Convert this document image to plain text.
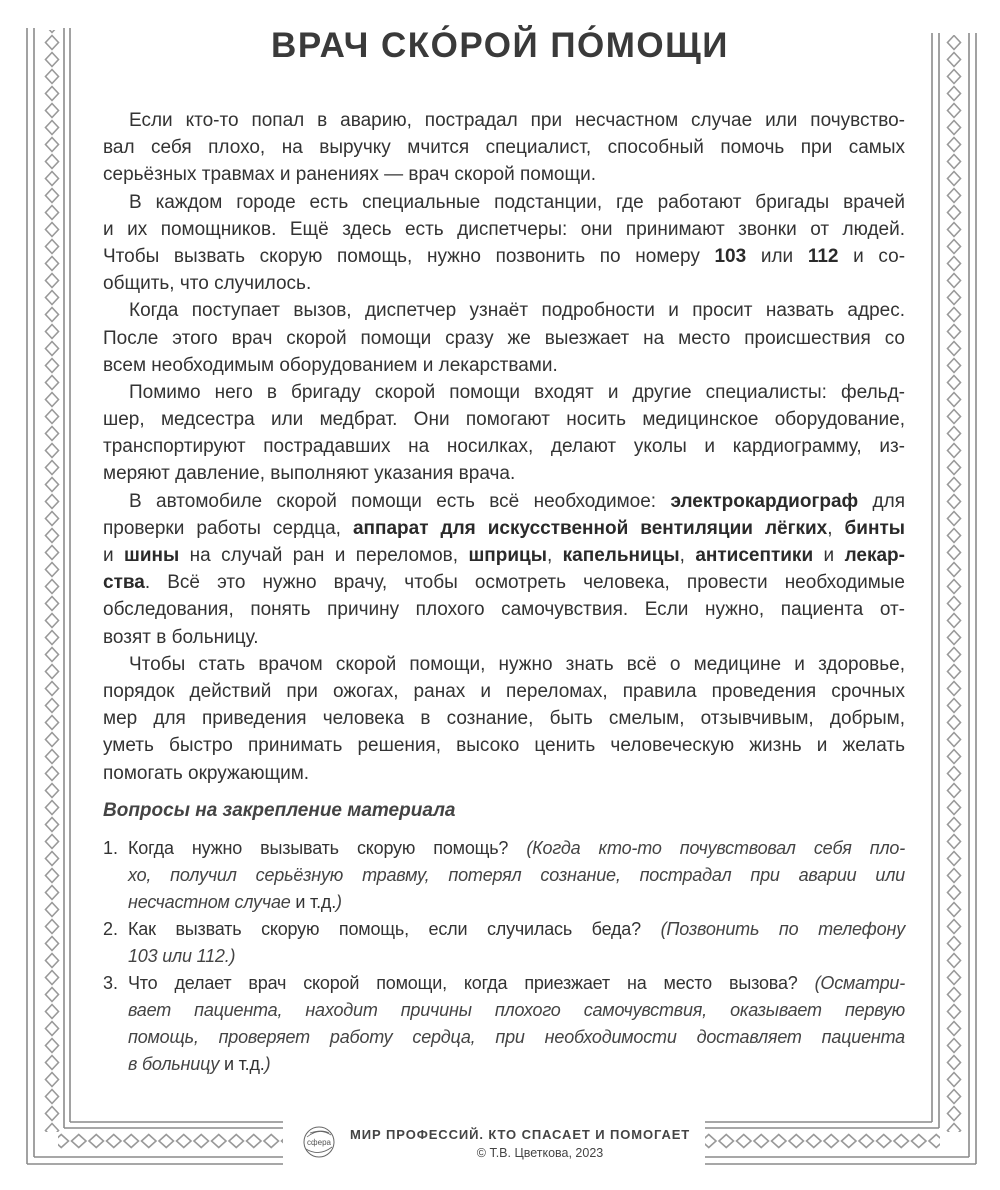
ВРАЧ СКО́РОЙ ПО́МОЩИ
Если кто-то попал в аварию, пострадал при несчастном случае или почувство-
вал себя плохо, на выручку мчится специалист, способный помочь при самых
серьёзных травмах и ранениях — врач скорой помощи.
В каждом городе есть специальные подстанции, где работают бригады врачей
и их помощников. Ещё здесь есть диспетчеры: они принимают звонки от людей.
Чтобы вызвать скорую помощь, нужно позвонить по номеру 103 или 112 и со-
общить, что случилось.
Когда поступает вызов, диспетчер узнаёт подробности и просит назвать адрес.
После этого врач скорой помощи сразу же выезжает на место происшествия со
всем необходимым оборудованием и лекарствами.
Помимо него в бригаду скорой помощи входят и другие специалисты: фельд-
шер, медсестра или медбрат. Они помогают носить медицинское оборудование,
транспортируют пострадавших на носилках, делают уколы и кардиограмму, из-
меряют давление, выполняют указания врача.
В автомобиле скорой помощи есть всё необходимое: электрокардиограф для
проверки работы сердца, аппарат для искусственной вентиляции лёгких, бинты
и шины на случай ран и переломов, шприцы, капельницы, антисептики и лекар-
ства. Всё это нужно врачу, чтобы осмотреть человека, провести необходимые
обследования, понять причину плохого самочувствия. Если нужно, пациента от-
возят в больницу.
Чтобы стать врачом скорой помощи, нужно знать всё о медицине и здоровье,
порядок действий при ожогах, ранах и переломах, правила проведения срочных
мер для приведения человека в сознание, быть смелым, отзывчивым, добрым,
уметь быстро принимать решения, высоко ценить человеческую жизнь и желать
помогать окружающим.
Вопросы на закрепление материала
1. Когда нужно вызывать скорую помощь? (Когда кто-то почувствовал себя пло-
хо, получил серьёзную травму, потерял сознание, пострадал при аварии или
несчастном случае и т.д.)
2. Как вызвать скорую помощь, если случилась беда? (Позвонить по телефону
103 или 112.)
3. Что делает врач скорой помощи, когда приезжает на место вызова? (Осматри-
вает пациента, находит причины плохого самочувствия, оказывает первую
помощь, проверяет работу сердца, при необходимости доставляет пациента
в больницу и т.д.)
сфера
МИР ПРОФЕССИЙ. КТО СПАСАЕТ И ПОМОГАЕТ
© Т.В. Цветкова, 2023
